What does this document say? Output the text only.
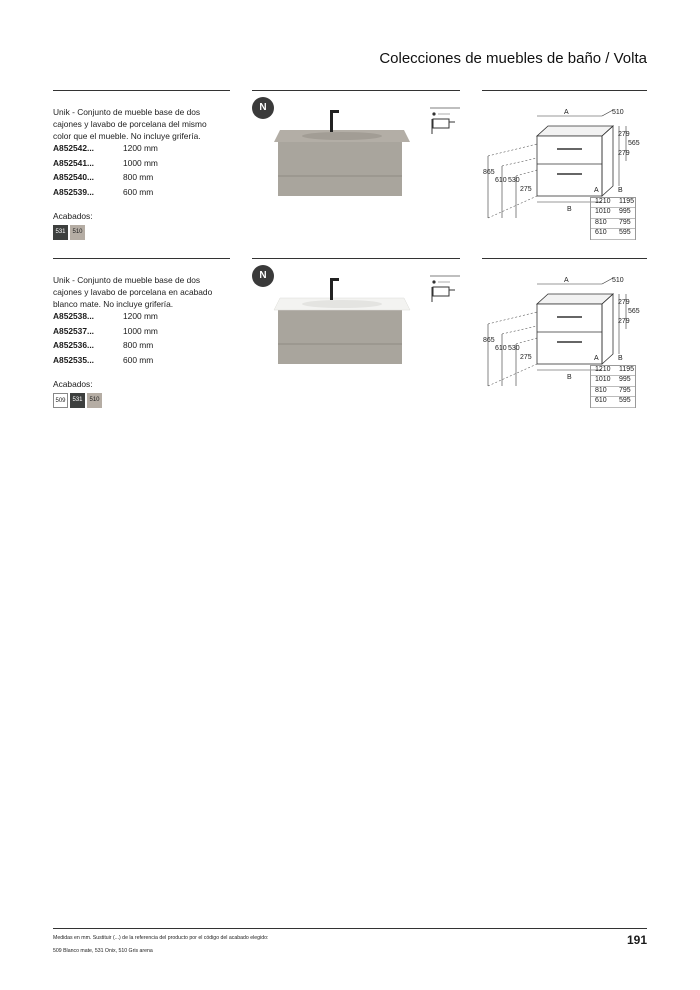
Colecciones de muebles de baño / Volta
Unik - Conjunto de mueble base de dos cajones y lavabo de porcelana del mismo color que el mueble. No incluye grifería.
A852542...	1200 mm
A852541...	1000 mm
A852540...	800 mm
A852539...	600 mm
Acabados:
531	510
N	A	510
279
565
279
865
610 530
275
B
A	B
1210 1195
1010 995
810 795
610 595
Unik - Conjunto de mueble base de dos cajones y lavabo de porcelana en acabado blanco mate. No incluye grifería.
A852538...	1200 mm
A852537...	1000 mm
A852536...	800 mm
A852535...	600 mm
Acabados:
509	531	510
N	A	510
279
565
279
865
610 530
275
B
A	B
1210 1195
1010 995
810 795
610 595
Medidas en mm. Sustituir (...) de la referencia del producto por el código del acabado elegido:
509 Blanco mate, 531 Onix, 510 Gris arena
191
